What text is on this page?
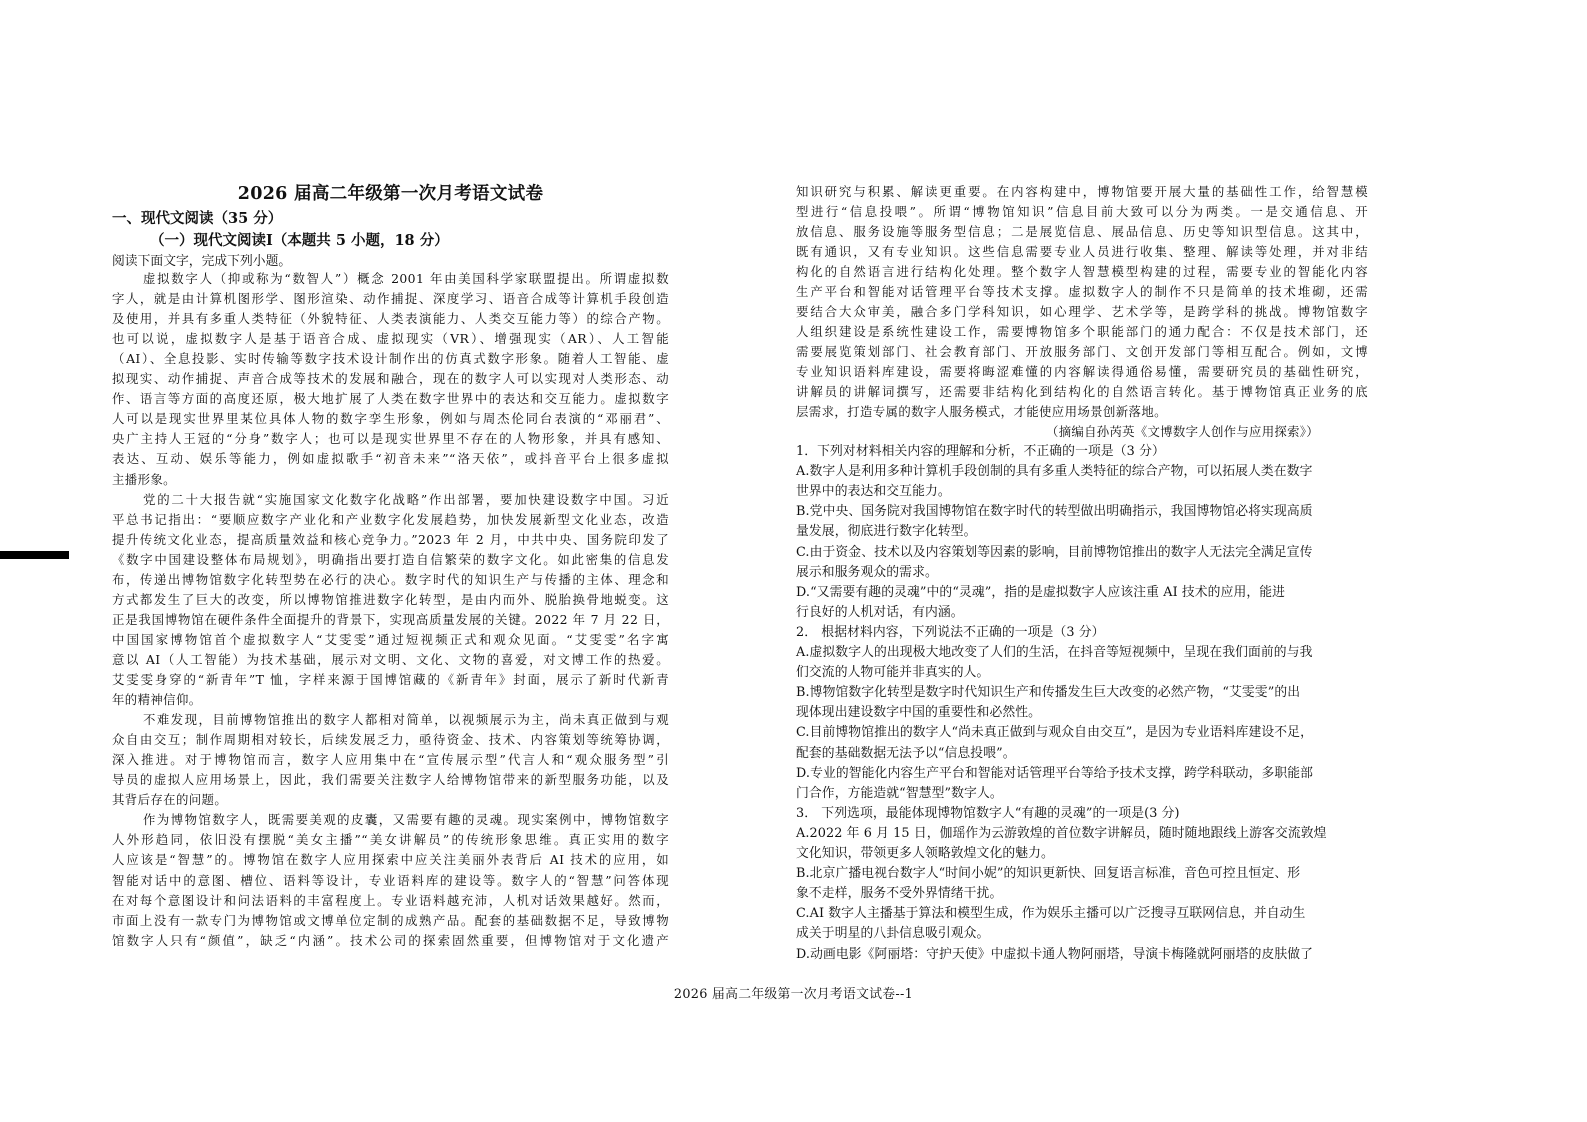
2026 届高二年级第一次月考语文试卷
一、现代文阅读（35 分）
（一）现代文阅读Ⅰ（本题共 5 小题，18 分）
阅读下面文字，完成下列小题。
虚拟数字人（抑或称为“数智人”）概念 2001 年由美国科学家联盟提出。所谓虚拟数
字人，就是由计算机图形学、图形渲染、动作捕捉、深度学习、语音合成等计算机手段创造
及使用，并具有多重人类特征（外貌特征、人类表演能力、人类交互能力等）的综合产物。
也可以说，虚拟数字人是基于语音合成、虚拟现实（VR）、增强现实（AR）、人工智能
（AI）、全息投影、实时传输等数字技术设计制作出的仿真式数字形象。随着人工智能、虚
拟现实、动作捕捉、声音合成等技术的发展和融合，现在的数字人可以实现对人类形态、动
作、语言等方面的高度还原，极大地扩展了人类在数字世界中的表达和交互能力。虚拟数字
人可以是现实世界里某位具体人物的数字孪生形象，例如与周杰伦同台表演的“邓丽君”、
央广主持人王冠的“分身”数字人；也可以是现实世界里不存在的人物形象，并具有感知、
表达、互动、娱乐等能力，例如虚拟歌手“初音未来”“洛天依”，或抖音平台上很多虚拟
主播形象。
党的二十大报告就“实施国家文化数字化战略”作出部署，要加快建设数字中国。习近
平总书记指出：“要顺应数字产业化和产业数字化发展趋势，加快发展新型文化业态，改造
提升传统文化业态，提高质量效益和核心竞争力。”2023 年 2 月，中共中央、国务院印发了
《数字中国建设整体布局规划》，明确指出要打造自信繁荣的数字文化。如此密集的信息发
布，传递出博物馆数字化转型势在必行的决心。数字时代的知识生产与传播的主体、理念和
方式都发生了巨大的改变，所以博物馆推进数字化转型，是由内而外、脱胎换骨地蜕变。这
正是我国博物馆在硬件条件全面提升的背景下，实现高质量发展的关键。2022 年 7 月 22 日，
中国国家博物馆首个虚拟数字人“艾雯雯”通过短视频正式和观众见面。“艾雯雯”名字寓
意以 AI（人工智能）为技术基础，展示对文明、文化、文物的喜爱，对文博工作的热爱。
艾雯雯身穿的“新青年”T 恤，字样来源于国博馆藏的《新青年》封面，展示了新时代新青
年的精神信仰。
不难发现，目前博物馆推出的数字人都相对简单，以视频展示为主，尚未真正做到与观
众自由交互；制作周期相对较长，后续发展乏力，亟待资金、技术、内容策划等统筹协调，
深入推进。对于博物馆而言，数字人应用集中在“宣传展示型”代言人和“观众服务型”引
导员的虚拟人应用场景上，因此，我们需要关注数字人给博物馆带来的新型服务功能，以及
其背后存在的问题。
作为博物馆数字人，既需要美观的皮囊，又需要有趣的灵魂。现实案例中，博物馆数字
人外形趋同，依旧没有摆脱“美女主播”“美女讲解员”的传统形象思维。真正实用的数字
人应该是“智慧”的。博物馆在数字人应用探索中应关注美丽外表背后 AI 技术的应用，如
智能对话中的意图、槽位、语料等设计，专业语料库的建设等。数字人的“智慧”问答体现
在对每个意图设计和问法语料的丰富程度上。专业语料越充沛，人机对话效果越好。然而，
市面上没有一款专门为博物馆或文博单位定制的成熟产品。配套的基础数据不足，导致博物
馆数字人只有“颜值”，缺乏“内涵”。技术公司的探索固然重要，但博物馆对于文化遗产
知识研究与积累、解读更重要。在内容构建中，博物馆要开展大量的基础性工作，给智慧模
型进行“信息投喂”。所谓“博物馆知识”信息目前大致可以分为两类。一是交通信息、开
放信息、服务设施等服务型信息；二是展览信息、展品信息、历史等知识型信息。这其中，
既有通识，又有专业知识。这些信息需要专业人员进行收集、整理、解读等处理，并对非结
构化的自然语言进行结构化处理。整个数字人智慧模型构建的过程，需要专业的智能化内容
生产平台和智能对话管理平台等技术支撑。虚拟数字人的制作不只是简单的技术堆砌，还需
要结合大众审美，融合多门学科知识，如心理学、艺术学等，是跨学科的挑战。博物馆数字
人组织建设是系统性建设工作，需要博物馆多个职能部门的通力配合：不仅是技术部门，还
需要展览策划部门、社会教育部门、开放服务部门、文创开发部门等相互配合。例如，文博
专业知识语料库建设，需要将晦涩难懂的内容解读得通俗易懂，需要研究员的基础性研究，
讲解员的讲解词撰写，还需要非结构化到结构化的自然语言转化。基于博物馆真正业务的底
层需求，打造专属的数字人服务模式，才能使应用场景创新落地。
1．下列对材料相关内容的理解和分析，不正确的一项是（3 分）
A.数字人是利用多种计算机手段创制的具有多重人类特征的综合产物，可以拓展人类在数字
世界中的表达和交互能力。
B.党中央、国务院对我国博物馆在数字时代的转型做出明确指示，我国博物馆必将实现高质
量发展，彻底进行数字化转型。
C.由于资金、技术以及内容策划等因素的影响，目前博物馆推出的数字人无法完全满足宣传
展示和服务观众的需求。
D.“又需要有趣的灵魂”中的“灵魂”，指的是虚拟数字人应该注重 AI 技术的应用，能进
行良好的人机对话，有内涵。
2． 根据材料内容，下列说法不正确的一项是（3 分）
A.虚拟数字人的出现极大地改变了人们的生活，在抖音等短视频中，呈现在我们面前的与我
们交流的人物可能并非真实的人。
B.博物馆数字化转型是数字时代知识生产和传播发生巨大改变的必然产物，“艾雯雯”的出
现体现出建设数字中国的重要性和必然性。
C.目前博物馆推出的数字人“尚未真正做到与观众自由交互”，是因为专业语料库建设不足，
配套的基础数据无法予以“信息投喂”。
D.专业的智能化内容生产平台和智能对话管理平台等给予技术支撑，跨学科联动，多职能部
门合作，方能造就“智慧型”数字人。
3． 下列选项，最能体现博物馆数字人“有趣的灵魂”的一项是(3 分)
A.2022 年 6 月 15 日，伽瑶作为云游敦煌的首位数字讲解员，随时随地跟线上游客交流敦煌
文化知识，带领更多人领略敦煌文化的魅力。
B.北京广播电视台数字人“时间小妮”的知识更新快、回复语言标准，音色可控且恒定、形
象不走样，服务不受外界情绪干扰。
C.AI 数字人主播基于算法和模型生成，作为娱乐主播可以广泛搜寻互联网信息，并自动生
成关于明星的八卦信息吸引观众。
D.动画电影《阿丽塔：守护天使》中虚拟卡通人物阿丽塔，导演卡梅隆就阿丽塔的皮肤做了
2026 届高二年级第一次月考语文试卷--1
（摘编自孙芮英《文博数字人创作与应用探索》）
